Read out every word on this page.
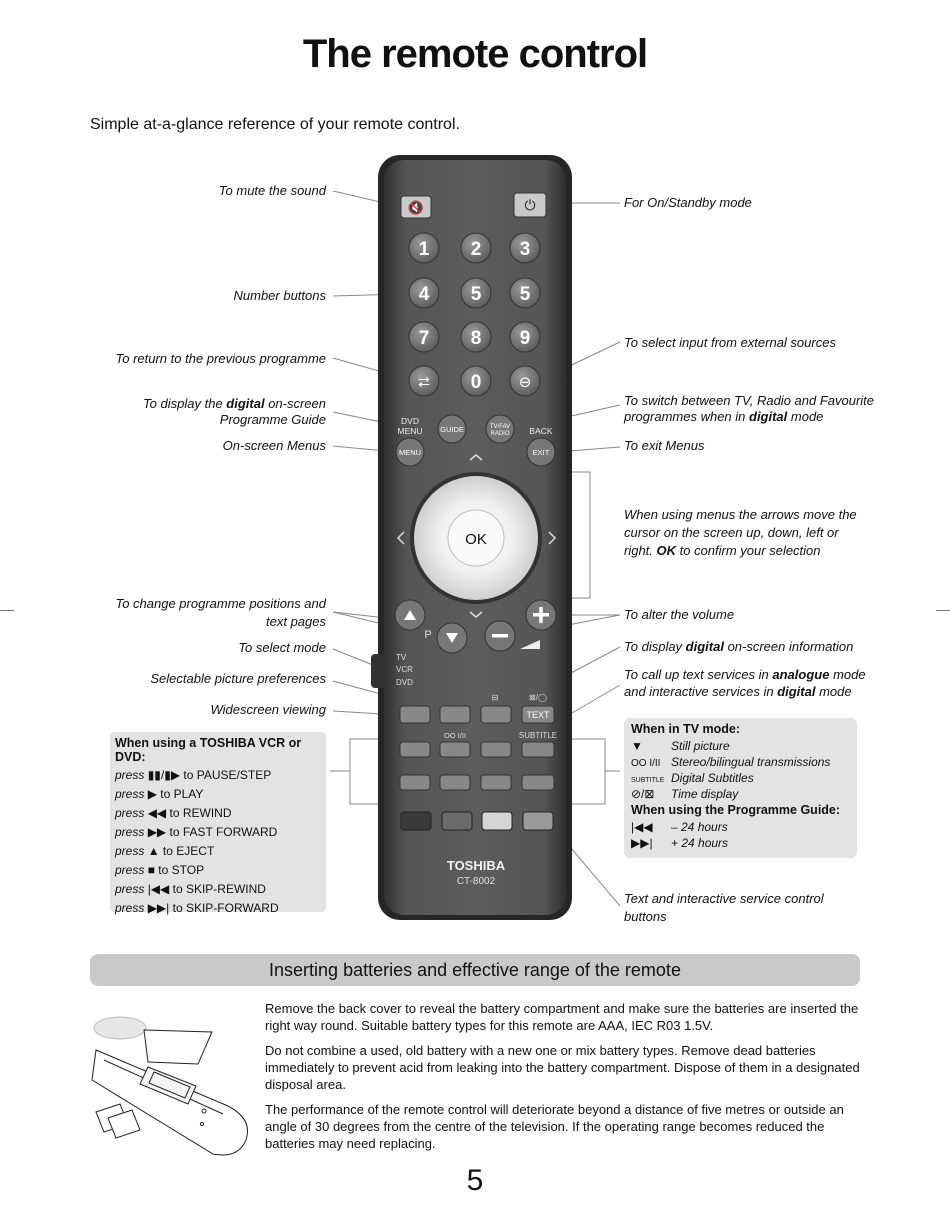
The remote control
Simple at-a-glance reference of your remote control.
To mute the sound
Number buttons
To return to the previous programme
To display the digital on-screen
Programme Guide
On-screen Menus
To change programme positions and
text pages
To select mode
Selectable picture preferences
Widescreen viewing
For On/Standby mode
To select input from external sources
To switch between TV, Radio and Favourite
programmes when in digital mode
To exit Menus
When using menus the arrows move the
cursor on the screen up, down, left or
right. OK to confirm your selection
To alter the volume
To display digital on-screen information
To call up text services in analogue mode
and interactive services in digital mode
Text and interactive service control
buttons
🔇	⏻
1 2 3
4 5 5
7 8 9
0
⮂	⊖
DVD
MENU GUIDE	TV/FAV
RADIO BACK
MENU	EXIT
OK
P
TV
VCR
DVD
⊟	⊠/◯
TEXT
OO I/II	SUBTITLE
TOSHIBA
CT-8002
When using a TOSHIBA VCR or DVD:
press ▮▮/▮▶ to PAUSE/STEP
press ▶ to PLAY
press ◀◀ to REWIND
press ▶▶ to FAST FORWARD
press ▲ to EJECT
press ■ to STOP
press |◀◀ to SKIP-REWIND
press ▶▶| to SKIP-FORWARD
When in TV mode:
▼ Still picture
OO I/II Stereo/bilingual transmissions
SUBTITLE Digital Subtitles
⊘/⊠ Time display
When using the Programme Guide:
|◀◀ – 24 hours
▶▶| + 24 hours
Inserting batteries and effective range of the remote
Remove the back cover to reveal the battery compartment and make sure the batteries are inserted the right way round. Suitable battery types for this remote are AAA, IEC R03 1.5V.
Do not combine a used, old battery with a new one or mix battery types. Remove dead batteries immediately to prevent acid from leaking into the battery compartment. Dispose of them in a designated disposal area.
The performance of the remote control will deteriorate beyond a distance of five metres or outside an angle of 30 degrees from the centre of the television. If the operating range becomes reduced the batteries may need replacing.
5
